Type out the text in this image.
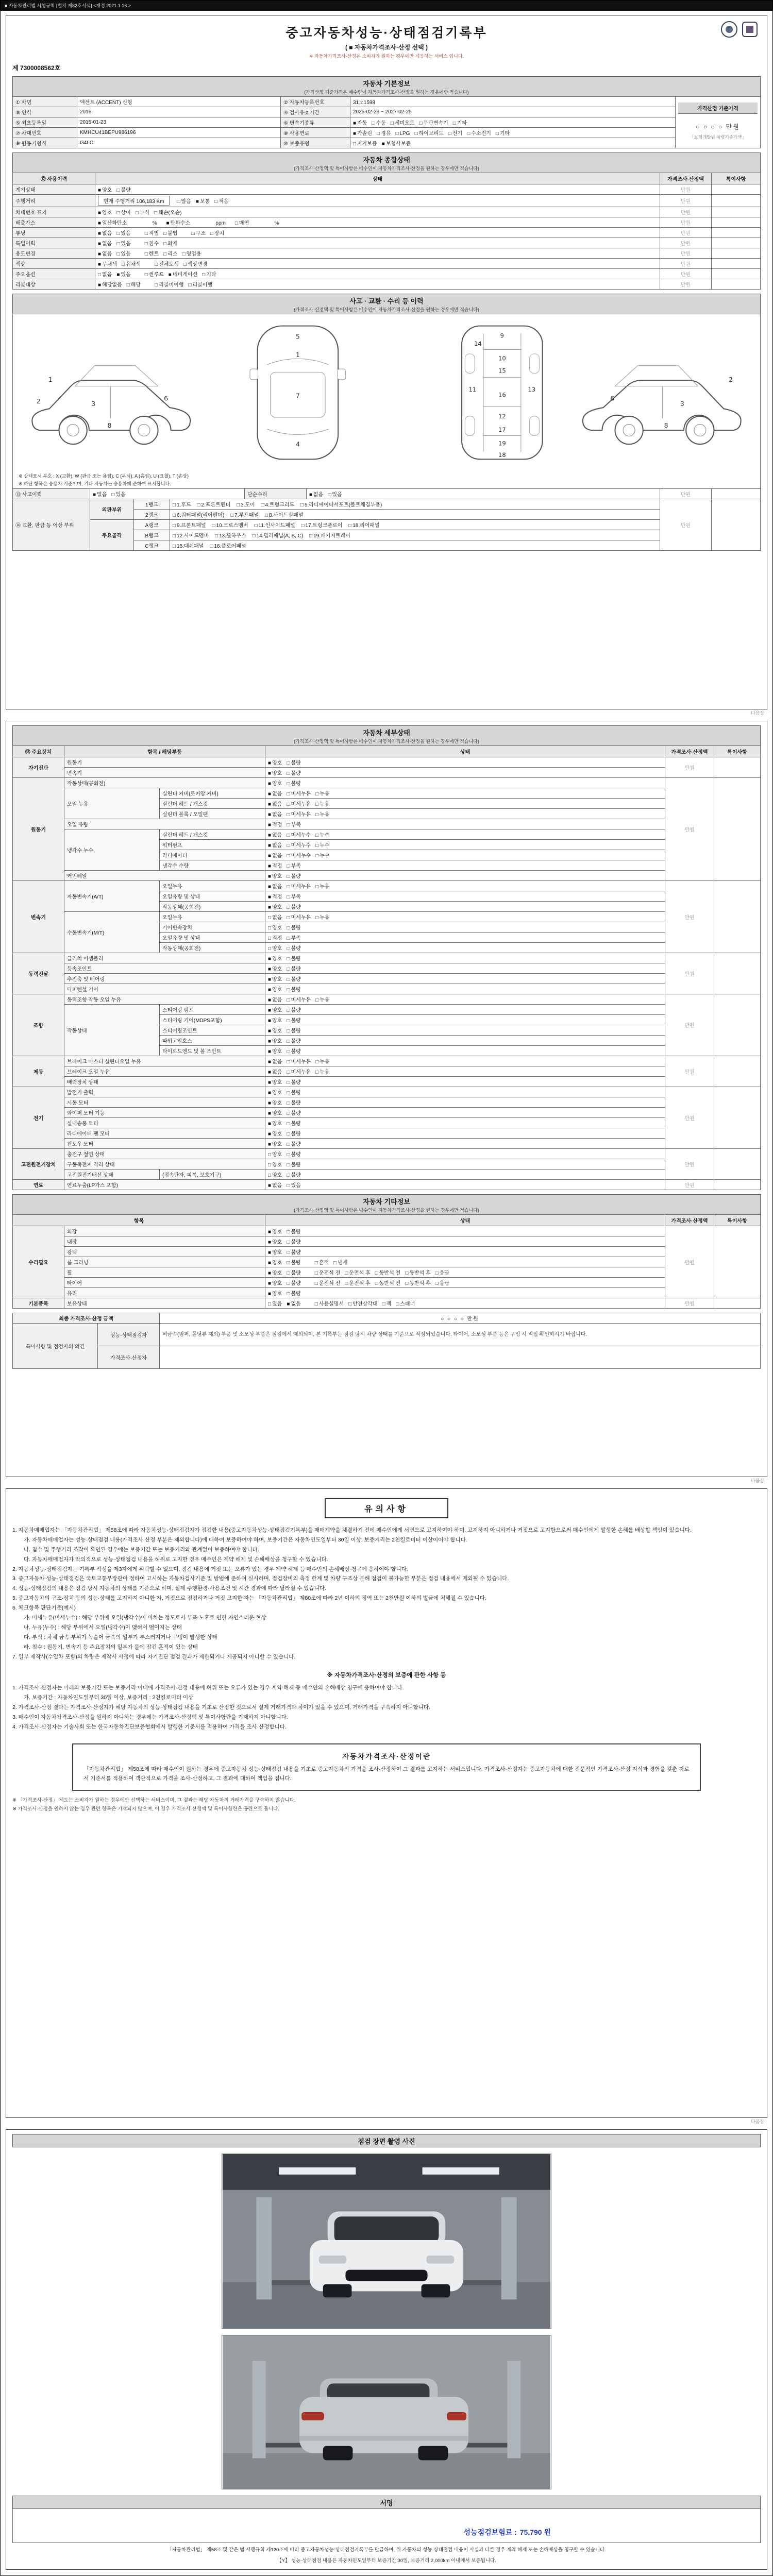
■ 자동차관리법 시행규칙 [별지 제82호서식] <개정 2021.1.16.>
중고자동차성능·상태점검기록부
( ■ 자동차가격조사·산정 선택 )
※ 자동차가격조사·산정은 소비자가 원하는 경우에만 제공하는 서비스 입니다.
제 7300008562호
자동차 기본정보
(가격산정 기준가격은 매수인이 자동차가격조사·산정을 원하는 경우에만 적습니다)
① 차명	엑센트 (ACCENT) 신형	② 자동차등록번호	31노1598	가격산정 기준가격
○ ○ ○ ○ 만원
「보험개발원 차량기준가액」

③ 연식	2016	④ 검사유효기간	2025-02-26 ~ 2027-02-25	
⑤ 최초등록일	2015-01-23	⑥ 변속기종류	■ 자동 □ 수동 □ 세미오토 □ 무단변속기 □ 기타	
⑦ 차대번호	KMHCU41BEPU986196	⑧ 사용연료	■ 가솔린 □ 경유 □ LPG □ 하이브리드 □ 전기 □ 수소전기 □ 기타	
⑨ 원동기형식	G4LC	⑩ 보증유형	□ 자가보증 ■ 보험사보증	
자동차 종합상태
(가격조사·산정액 및 특이사항은 매수인이 자동차가격조사·산정을 원하는 경우에만 적습니다)
⑫ 사용이력	상태	가격조사·산정액	특이사항
계기상태	■ 양호 □ 불량	만원	
주행거리	현재 주행거리 106,183 Km □ 많음 ■ 보통 □ 적음	만원	
차대번호 표기	■ 양호 □ 상이 □ 부식 □ 훼손(오손)	만원	
배출가스	■ 일산화탄소 % ■ 탄화수소 ppm □ 매연 %	만원	
튜닝	■ 없음 □ 있음 □ 적법 □ 불법 □ 구조 □ 장치	만원	
특별이력	■ 없음 □ 있음 □ 침수 □ 화재	만원	
용도변경	■ 없음 □ 있음 □ 렌트 □ 리스 □ 영업용	만원	
색상	■ 무채색 □ 유채색 □ 전체도색 □ 색상변경	만원	
주요옵션	□ 없음 ■ 있음 □ 썬루프 ■ 네비게이션 □ 기타	만원	
리콜대상	■ 해당없음 □ 해당 □ 리콜미이행 □ 리콜이행	만원	
사고 · 교환 · 수리 등 이력
(가격조사·산정액 및 특이사항은 매수인이 자동차가격조사·산정을 원하는 경우에만 적습니다)
1
2	3
6
8
5
1
7
4
9
10
11	13
15
16
12
17
19
18
14
3
6
2
8
※ 상태표시 부호 : X (교환), W (판금 또는 용접), C (부식), A (흠집), U (요철), T (손상)
※ 하단 항목은 승용차 기준이며, 기타 자동차는 승용차에 준하여 표시합니다.
⑬ 사고이력	■ 없음 □ 있음	단순수리	■ 없음 □ 있음	만원	
⑭ 교환, 판금 등 이상 부위	외판부위	1랭크	□ 1.후드 □ 2.프론트펜더 □ 3.도어 □ 4.트렁크리드 □ 5.라디에이터서포트(볼트체결부품)	만원	
		2랭크	□ 6.쿼터패널(리어펜더) □ 7.루프패널 □ 8.사이드실패널		
	주요골격	A랭크	□ 9.프론트패널 □ 10.크로스멤버 □ 11.인사이드패널 □ 17.트렁크플로어 □ 18.리어패널		
		B랭크	□ 12.사이드멤버 □ 13.휠하우스 □ 14.필러패널(A, B, C) □ 19.패키지트레이		
		C랭크	□ 15.대쉬패널 □ 16.플로어패널		
다음장
자동차 세부상태
(가격조사·산정액 및 특이사항은 매수인이 자동차가격조사·산정을 원하는 경우에만 적습니다)
⑮ 주요장치	항목 / 해당부품		상태	가격조사·산정액	특이사항
자기진단	원동기		■ 양호 □ 불량	만원	
	변속기		■ 양호 □ 불량		
원동기	작동상태(공회전)		■ 양호 □ 불량	만원	
	오일 누유	실린더 커버(로커암 커버)	■ 없음 □ 미세누유 □ 누유		
		실린더 헤드 / 개스킷	■ 없음 □ 미세누유 □ 누유		
		실린더 블록 / 오일팬	■ 없음 □ 미세누유 □ 누유		
	오일 유량		■ 적정 □ 부족		
	냉각수 누수	실린더 헤드 / 개스킷	■ 없음 □ 미세누수 □ 누수		
		워터펌프	■ 없음 □ 미세누수 □ 누수		
		라디에이터	■ 없음 □ 미세누수 □ 누수		
		냉각수 수량	■ 적정 □ 부족		
	커먼레일		■ 양호 □ 불량		
변속기	자동변속기(A/T)	오일누유	■ 없음 □ 미세누유 □ 누유	만원	
		오일유량 및 상태	■ 적정 □ 부족		
		작동상태(공회전)	■ 양호 □ 불량		
	수동변속기(M/T)	오일누유	□ 없음 □ 미세누유 □ 누유		
		기어변속장치	□ 양호 □ 불량		
		오일유량 및 상태	□ 적정 □ 부족		
		작동상태(공회전)	□ 양호 □ 불량		
동력전달	클러치 어셈블리		■ 양호 □ 불량	만원	
	등속조인트		■ 양호 □ 불량		
	추진축 및 베어링		■ 양호 □ 불량		
	디퍼렌셜 기어		■ 양호 □ 불량		
조향	동력조향 작동 오일 누유		■ 없음 □ 미세누유 □ 누유	만원	
	작동상태	스티어링 펌프	■ 양호 □ 불량		
		스티어링 기어(MDPS포함)	■ 양호 □ 불량		
		스티어링조인트	■ 양호 □ 불량		
		파워고압호스	■ 양호 □ 불량		
		타이로드엔드 및 볼 조인트	■ 양호 □ 불량		
제동	브레이크 마스터 실린더오일 누유		■ 없음 □ 미세누유 □ 누유	만원	
	브레이크 오일 누유		■ 없음 □ 미세누유 □ 누유		
	배력장치 상태		■ 양호 □ 불량		
전기	발전기 출력		■ 양호 □ 불량	만원	
	시동 모터		■ 양호 □ 불량		
	와이퍼 모터 기능		■ 양호 □ 불량		
	실내송풍 모터		■ 양호 □ 불량		
	라디에이터 팬 모터		■ 양호 □ 불량		
	윈도우 모터		■ 양호 □ 불량		
고전원전기장치	충전구 절연 상태		□ 양호 □ 불량	만원	
	구동축전지 격리 상태		□ 양호 □ 불량		
	고전원전기배선 상태	(접속단자, 피복, 보호기구)	□ 양호 □ 불량		
연료	연료누출(LP가스 포함)		■ 없음 □ 있음	만원	
자동차 기타정보
(가격조사·산정액 및 특이사항은 매수인이 자동차가격조사·산정을 원하는 경우에만 적습니다)
항목		상태	가격조사·산정액	특이사항
수리필요	외장	■ 양호 □ 불량	만원	
	내장	■ 양호 □ 불량		
	광택	■ 양호 □ 불량		
	룸 크리닝	■ 양호 □ 불량 □ 흔적 □ 냄새		
	휠	■ 양호 □ 불량 □ 운전석 전 □ 운전석 후 □ 동반석 전 □ 동반석 후 □ 응급		
	타이어	■ 양호 □ 불량 □ 운전석 전 □ 운전석 후 □ 동반석 전 □ 동반석 후 □ 응급		
	유리	■ 양호 □ 불량		
기본품목	보유상태	□ 있음 ■ 없음 □ 사용설명서 □ 안전삼각대 □ 잭 □ 스패너	만원	
최종 가격조사·산정 금액	○ ○ ○ ○ 만원
특이사항 및 점검자의 의견	성능·상태점검자	비금속(범퍼, 몰딩류 제외) 부품 및 소모성 부품은 점검에서 제외되며, 본 기록부는 점검 당시 차량 상태를 기준으로 작성되었습니다. 타이어, 소모성 부품 등은 구입 시 직접 확인하시기 바랍니다.
	가격조사·산정자	
다음장
유의사항
1. 자동차매매업자는 「자동차관리법」 제58조에 따라 자동차성능·상태점검자가 점검한 내용(중고자동차성능·상태점검기록부)을 매매계약을 체결하기 전에 매수인에게 서면으로 고지하여야 하며, 고지하지 아니하거나 거짓으로 고지함으로써 매수인에게 발생한 손해를 배상할 책임이 있습니다.
가. 자동차매매업자는 성능·상태점검 내용(가격조사·산정 부분은 제외합니다)에 대하여 보증하여야 하며, 보증기간은 자동차인도일부터 30일 이상, 보증거리는 2천킬로미터 이상이어야 합니다.
나. 침수 및 주행거리 조작이 확인된 경우에는 보증기간 또는 보증거리와 관계없이 보증하여야 합니다.
다. 자동차매매업자가 악의적으로 성능·상태점검 내용을 허위로 고지한 경우 매수인은 계약 해제 및 손해배상을 청구할 수 있습니다.
2. 자동차성능·상태점검자는 기록부 작성을 제3자에게 위탁할 수 없으며, 점검 내용에 거짓 또는 오류가 있는 경우 계약 해제 등 매수인의 손해배상 청구에 응하여야 합니다.
3. 중고자동차 성능·상태점검은 국토교통부장관이 정하여 고시하는 자동차검사기준 및 방법에 준하여 실시하며, 점검장비의 측정 한계 및 차량 구조상 분해 점검이 불가능한 부분은 점검 내용에서 제외될 수 있습니다.
4. 성능·상태점검의 내용은 점검 당시 자동차의 상태를 기준으로 하며, 실제 주행환경·사용조건 및 시간 경과에 따라 달라질 수 있습니다.
5. 중고자동차의 구조·장치 등의 성능·상태를 고지하지 아니한 자, 거짓으로 점검하거나 거짓 고지한 자는 「자동차관리법」 제80조에 따라 2년 이하의 징역 또는 2천만원 이하의 벌금에 처해질 수 있습니다.
6. 체크항목 판단기준(예시)
가. 미세누유(미세누수) : 해당 부위에 오일(냉각수)이 비치는 정도로서 부품 노후로 인한 자연스러운 현상
나. 누유(누수) : 해당 부위에서 오일(냉각수)이 맺혀서 떨어지는 상태
다. 부식 : 차체 금속 부위가 녹슬어 금속의 일부가 부스러지거나 구멍이 발생한 상태
라. 침수 : 원동기, 변속기 등 주요장치의 일부가 물에 잠긴 흔적이 있는 상태
7. 일부 제작사(수입차 포함)의 차량은 제작사 사정에 따라 자기진단 점검 결과가 제한되거나 제공되지 아니할 수 있습니다.
※ 자동차가격조사·산정의 보증에 관한 사항 등
1. 가격조사·산정자는 아래의 보증기간 또는 보증거리 이내에 가격조사·산정 내용에 허위 또는 오류가 있는 경우 계약 해제 등 매수인의 손해배상 청구에 응하여야 합니다.
가. 보증기간 : 자동차인도일부터 30일 이상, 보증거리 : 2천킬로미터 이상
2. 가격조사·산정 결과는 가격조사·산정자가 해당 자동차의 성능·상태점검 내용을 기초로 산정한 것으로서 실제 거래가격과 차이가 있을 수 있으며, 거래가격을 구속하지 아니합니다.
3. 매수인이 자동차가격조사·산정을 원하지 아니하는 경우에는 가격조사·산정액 및 특이사항란을 기재하지 아니합니다.
4. 가격조사·산정자는 기술사회 또는 한국자동차진단보증협회에서 발행한 기준서를 적용하여 가격을 조사·산정합니다.
자동차가격조사·산정이란
「자동차관리법」 제58조에 따라 매수인이 원하는 경우에 중고자동차 성능·상태점검 내용을 기초로 중고자동차의 가격을 조사·산정하여 그 결과를 고지하는 서비스입니다. 가격조사·산정자는 중고자동차에 대한 전문적인 가격조사·산정 지식과 경험을 갖춘 자로서 기준서를 적용하여 객관적으로 가격을 조사·산정하고, 그 결과에 대하여 책임을 집니다.
※ 「가격조사·산정」 제도는 소비자가 원하는 경우에만 선택하는 서비스이며, 그 결과는 해당 자동차의 거래가격을 구속하지 않습니다.
※ 가격조사·산정을 원하지 않는 경우 관련 항목은 기재되지 않으며, 이 경우 가격조사·산정액 및 특이사항란은 공란으로 둡니다.
다음장
점검 장면 촬영 사진
서명
성능점검보험료 : 75,790 원
「자동차관리법」 제58조 및 같은 법 시행규칙 제120조에 따라 중고자동차성능·상태점검기록부를 발급하며, 위 자동차의 성능·상태점검 내용이 사실과 다른 경우 계약 해제 또는 손해배상을 청구할 수 있습니다.
【Y】 성능·상태점검 내용은 자동차인도일부터 보증기간 30일, 보증거리 2,000km 이내에서 보증됩니다.
